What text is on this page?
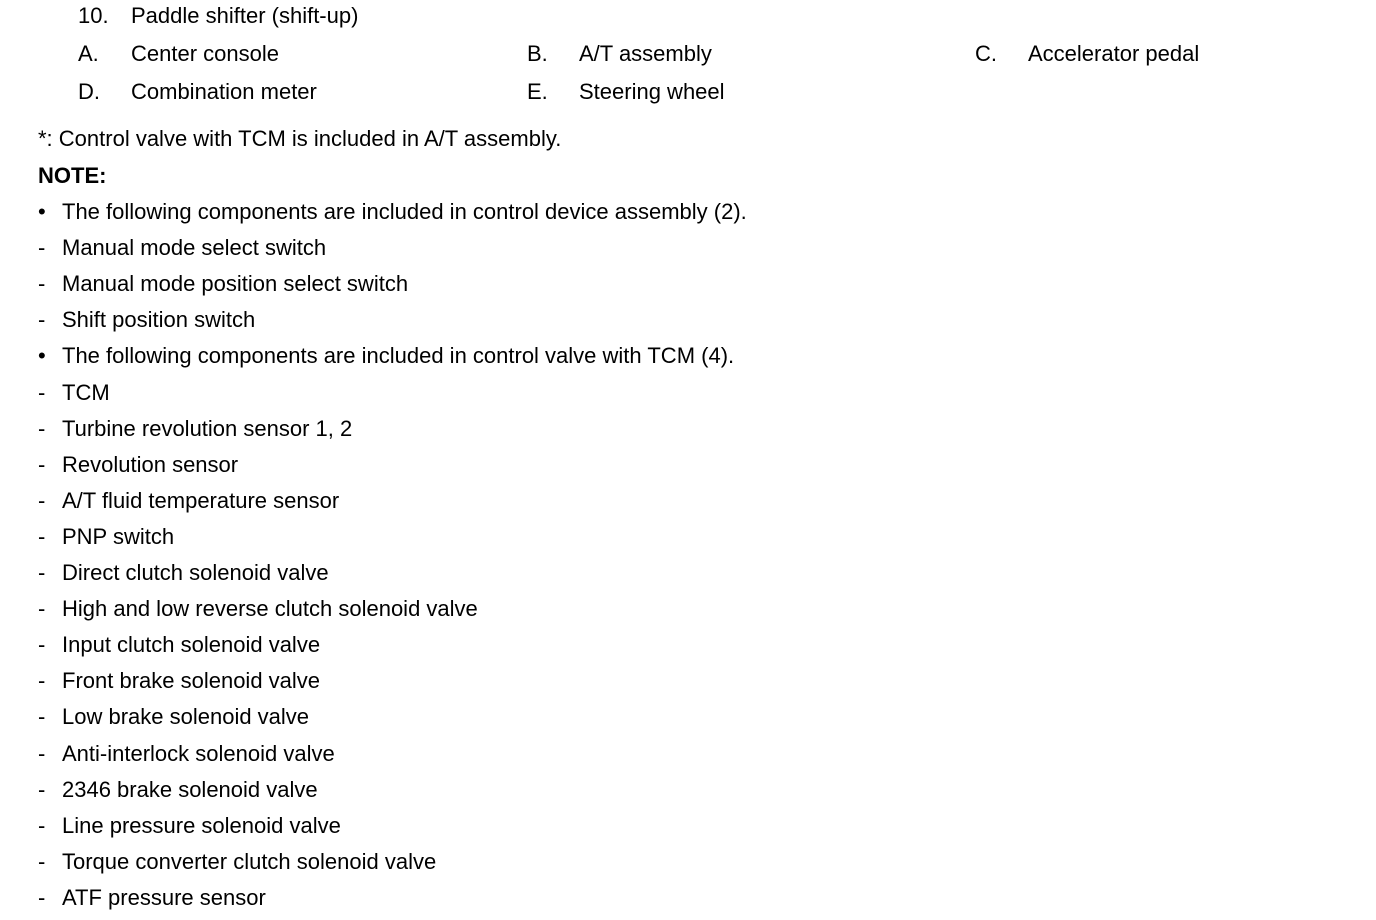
10. Paddle shifter (shift-up)
A. Center console	B. A/T assembly	C. Accelerator pedal
D. Combination meter	E. Steering wheel
*: Control valve with TCM is included in A/T assembly.
NOTE:
• The following components are included in control device assembly (2).
- Manual mode select switch
- Manual mode position select switch
- Shift position switch
• The following components are included in control valve with TCM (4).
- TCM
- Turbine revolution sensor 1, 2
- Revolution sensor
- A/T fluid temperature sensor
- PNP switch
- Direct clutch solenoid valve
- High and low reverse clutch solenoid valve
- Input clutch solenoid valve
- Front brake solenoid valve
- Low brake solenoid valve
- Anti-interlock solenoid valve
- 2346 brake solenoid valve
- Line pressure solenoid valve
- Torque converter clutch solenoid valve
- ATF pressure sensor
